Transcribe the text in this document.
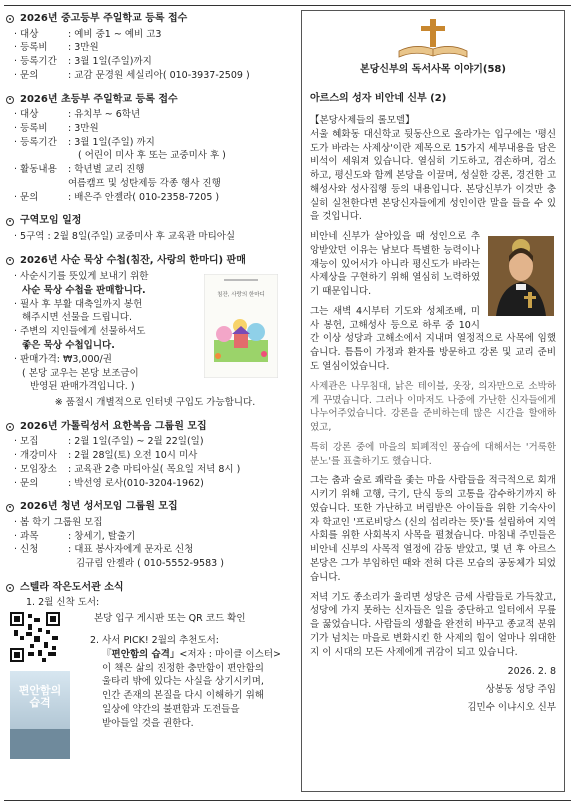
2026년 중고등부 주일학교 등록 접수
· 대상	: 예비 중1 ~ 예비 고3
· 등록비	: 3만원
· 등록기간	: 3월 1일(주일)까지
· 문의	: 교감 문경원 세실리아( 010-3937-2509 )
2026년 초등부 주일학교 등록 접수
· 대상	: 유치부 ~ 6학년
· 등록비	: 3만원
· 등록기간	: 3월 1일(주일) 까지
( 어린이 미사 후 또는 교중미사 후 )
· 활동내용	: 학년별 교리 진행
여름캠프 및 성탄제등 각종 행사 진행
· 문의	: 배은주 안젤라( 010-2358-7205 )
구역모임 일정
· 5구역 : 2월 8일(주일) 교중미사 후 교육관 마티아실
2026년 사순 묵상 수첩(침잔, 사랑의 한마디) 판매
· 사순시기를 뜻있게 보내기 위한
사순 묵상 수첩을 판매합니다.
· 필사 후 부활 대축일까지 봉헌
해주시면 선물을 드립니다.
· 주변의 지인들에게 선물하셔도
좋은 묵상 수첩입니다.
· 판매가격: ₩3,000/권
( 본당 교우는 본당 보조금이
반영된 판매가격입니다. )
침잔, 사랑의 한마디
※ 품절시 개별적으로 인터넷 구입도 가능합니다.
2026년 가톨릭성서 요한복음 그룹원 모집
· 모집	: 2월 1일(주일) ~ 2월 22일(일)
· 개강미사	: 2월 28일(토) 오전 10시 미사
· 모임장소	: 교육관 2층 마티아실( 목요일 저녁 8시 )
· 문의	: 박선영 로사(010-3204-1962)
2026년 청년 성서모임 그룹원 모집
· 봄 학기 그룹원 모집
· 과목	: 창세기, 탈출기
· 신청	: 대표 봉사자에게 문자로 신청
김규림 안젤라 ( 010-5552-9583 )
스텔라 작은도서관 소식
1. 2월 신착 도서:
편안함의 습격
본당 입구 게시판 또는 QR 코드 확인
2. 사서 PICK! 2월의 추천도서:
『편안함의 습격」<저자 : 마이클 이스터>
이 책은 삶의 진정한 충만함이 편안함의
울타리 밖에 있다는 사실을 상기시키며,
인간 존재의 본질을 다시 이해하기 위해
일상에 약간의 불편함과 도전들을
받아들일 것을 권한다.
본당신부의 독서사목 이야기(58)
아르스의 성자 비안네 신부 (2)
【본당사제들의 롤모델】

서울 혜화동 대신학교 뒷동산으로 올라가는 입구에는 '평신도가 바라는 사제상'이란 제목으로 15가지 세부내용을 담은 비석이 세워져 있습니다. 열심히 기도하고, 겸손하며, 검소하고, 평신도와 함께 본당을 이끌며, 성실한 강론, 경건한 고해성사와 성사집행 등의 내용입니다. 본당신부가 이것만 충실히 실천한다면 본당신자들에게 성인이란 말을 들을 수 있을 것입니다.

비안네 신부가 살아있을 때 성인으로 추앙받았던 이유는 남보다 특별한 능력이나 재능이 있어서가 아니라 평신도가 바라는 사제상을 구현하기 위해 열심히 노력하였기 때문입니다.

그는 새벽 4시부터 기도와 성체조배, 미사 봉헌, 고해성사 등으로 하루 중 10시간 이상 성당과 고해소에서 지내며 열정적으로 사목에 임했습니다. 틈틈이 가정과 환자를 방문하고 강론 및 교리 준비도 열심이었습니다.

사제관은 나무침대, 낡은 테이블, 옷장, 의자만으로 소박하게 꾸몄습니다. 그러나 이마저도 나중에 가난한 신자들에게 나누어주었습니다. 강론을 준비하는데 많은 시간을 할애하였고,

특히 강론 중에 마을의 퇴폐적인 풍습에 대해서는 '거룩한 분노'를 표출하기도 했습니다.

그는 춤과 술로 쾌락을 좇는 마을 사람들을 적극적으로 회개시키기 위해 고행, 극기, 단식 등의 고통을 감수하기까지 하였습니다. 또한 가난하고 버림받은 아이들을 위한 기숙사이자 학교인 '프로비당스 (신의 섭리라는 뜻)'를 설립하여 지역사회를 위한 사회복지 사목을 펼쳤습니다. 마침내 주민들은 비안네 신부의 사목적 열정에 감동 받았고, 몇 년 후 아르스 본당은 그가 부임하던 때와 전혀 다른 모습의 공동체가 되었습니다.

저녁 기도 종소리가 울리면 성당은 금세 사람들로 가득찼고, 성당에 가지 못하는 신자들은 일을 중단하고 일터에서 무릎을 꿇었습니다. 사람들의 생활을 완전히 바꾸고 종교적 분위기가 넘치는 마을로 변화시킨 한 사제의 힘이 얼마나 위대한 지 이 시대의 모든 사제에게 귀감이 되고 있습니다.

2026. 2. 8
상봉동 성당 주임
김민수 이냐시오 신부
